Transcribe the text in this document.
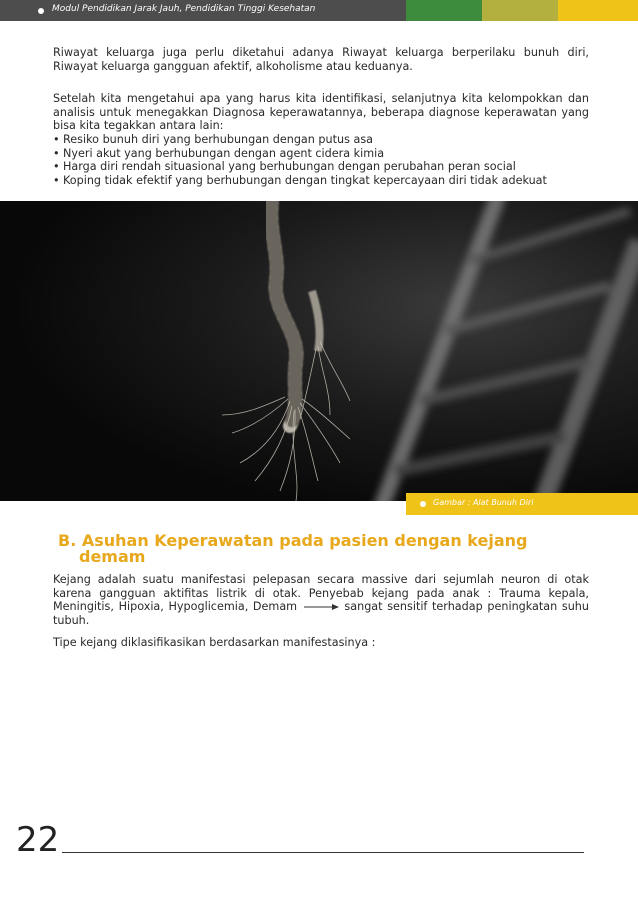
Modul Pendidikan Jarak Jauh, Pendidikan Tinggi Kesehatan

Riwayat keluarga juga perlu diketahui adanya Riwayat keluarga berperilaku bunuh diri, Riwayat keluarga gangguan afektif, alkoholisme atau keduanya.

Setelah kita mengetahui apa yang harus kita identifikasi, selanjutnya kita kelompokkan dan analisis untuk menegakkan Diagnosa keperawatannya, beberapa diagnose keperawatan yang bisa kita tegakkan antara lain:

• Resiko bunuh diri yang berhubungan dengan putus asa
• Nyeri akut yang berhubungan dengan agent cidera kimia
• Harga diri rendah situasional yang berhubungan dengan perubahan peran social
• Koping tidak efektif yang berhubungan dengan tingkat kepercayaan diri tidak adekuat
Gambar : Alat Bunuh Diri
B. Asuhan Keperawatan pada pasien dengan kejang
demam

Kejang adalah suatu manifestasi pelepasan secara massive dari sejumlah neuron di otak karena gangguan aktifitas listrik di otak. Penyebab kejang pada anak : Trauma kepala, Meningitis, Hipoxia, Hypoglicemia, Demam	sangat sensitif terhadap peningkatan suhu tubuh.

Tipe kejang diklasifikasikan berdasarkan manifestasinya :

22
